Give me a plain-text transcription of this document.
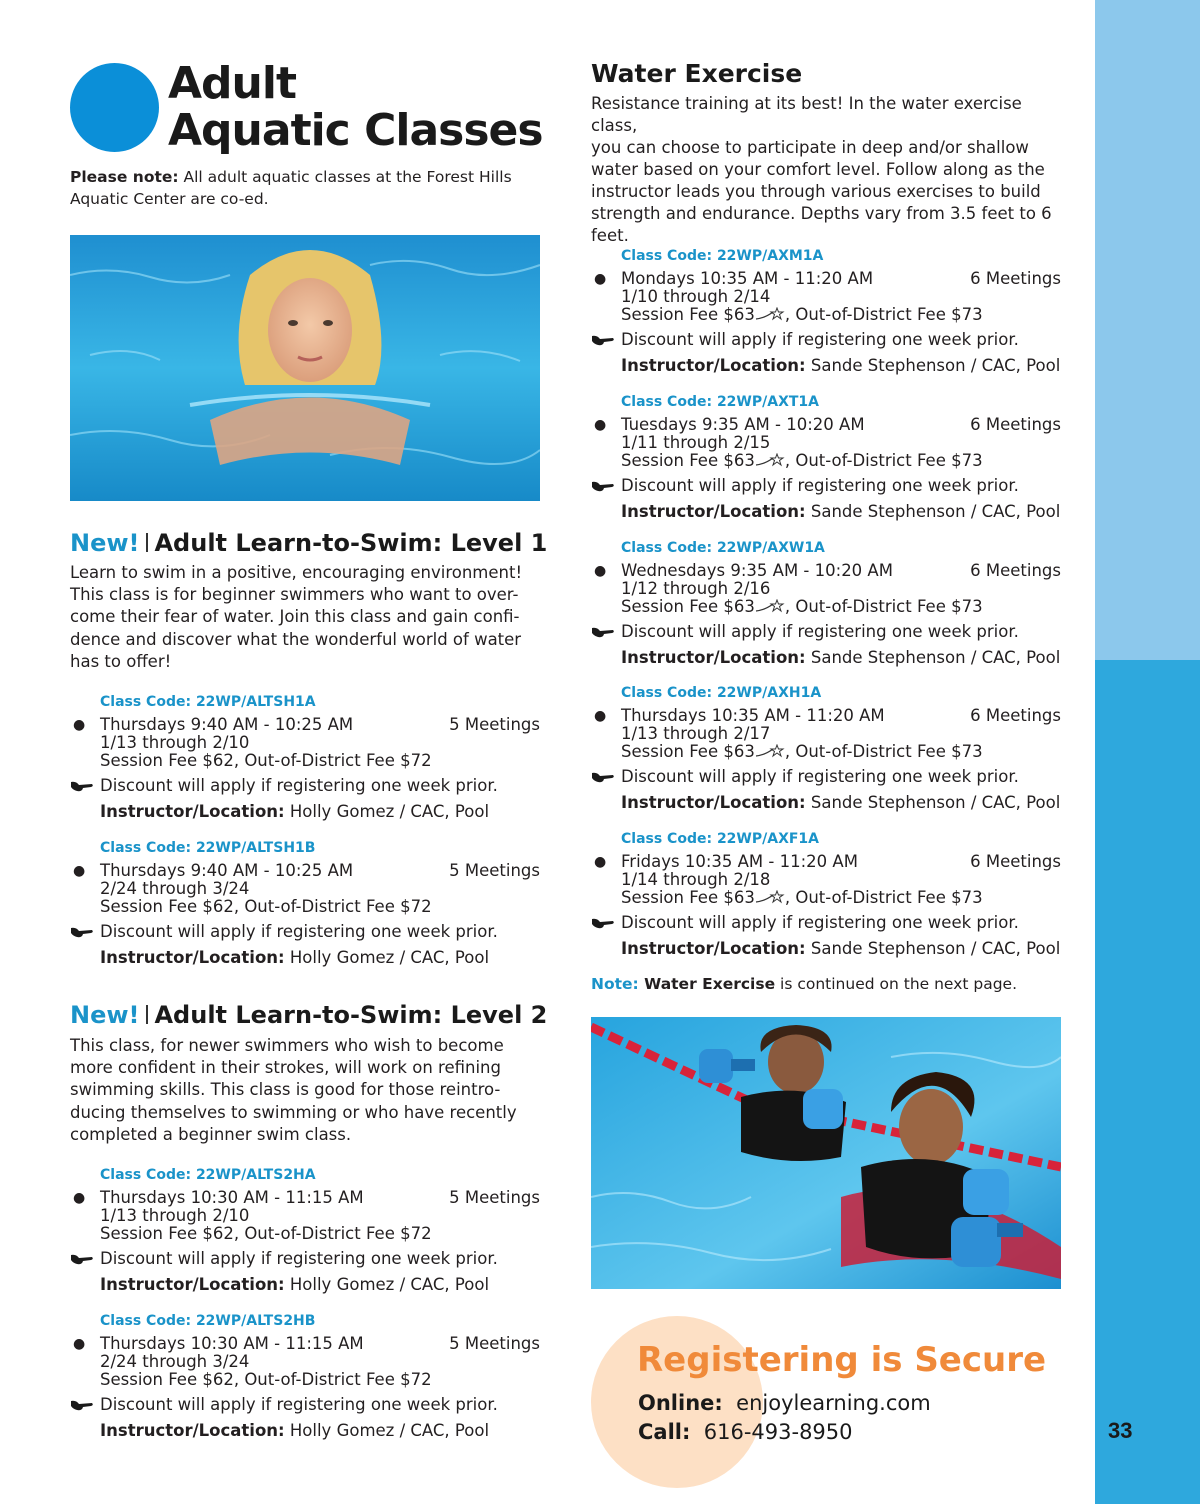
33
Adult
Aquatic Classes
Please note: All adult aquatic classes at the Forest Hills Aquatic Center are co-ed.
New! Adult Learn-to-Swim: Level 1
Learn to swim in a positive, encouraging environment!
This class is for beginner swimmers who want to over-
come their fear of water. Join this class and gain confi-
dence and discover what the wonderful world of water
has to offer!
Class Code: 22WP/ALTSH1A
● Thursdays 9:40 AM - 10:25 AM	5 Meetings
1/13 through 2/10
Session Fee $62, Out-of-District Fee $72
Discount will apply if registering one week prior.
Instructor/Location: Holly Gomez / CAC, Pool
Class Code: 22WP/ALTSH1B
● Thursdays 9:40 AM - 10:25 AM	5 Meetings
2/24 through 3/24
Session Fee $62, Out-of-District Fee $72
Discount will apply if registering one week prior.
Instructor/Location: Holly Gomez / CAC, Pool
New! Adult Learn-to-Swim: Level 2
This class, for newer swimmers who wish to become
more confident in their strokes, will work on refining
swimming skills. This class is good for those reintro-
ducing themselves to swimming or who have recently
completed a beginner swim class.
Class Code: 22WP/ALTS2HA
● Thursdays 10:30 AM - 11:15 AM	5 Meetings
1/13 through 2/10
Session Fee $62, Out-of-District Fee $72
Discount will apply if registering one week prior.
Instructor/Location: Holly Gomez / CAC, Pool
Class Code: 22WP/ALTS2HB
● Thursdays 10:30 AM - 11:15 AM	5 Meetings
2/24 through 3/24
Session Fee $62, Out-of-District Fee $72
Discount will apply if registering one week prior.
Instructor/Location: Holly Gomez / CAC, Pool
Water Exercise
Resistance training at its best! In the water exercise class,
you can choose to participate in deep and/or shallow
water based on your comfort level. Follow along as the
instructor leads you through various exercises to build
strength and endurance. Depths vary from 3.5 feet to 6
feet.
Class Code: 22WP/AXM1A
● Mondays 10:35 AM - 11:20 AM	6 Meetings
1/10 through 2/14
Session Fee $63 , Out-of-District Fee $73
Discount will apply if registering one week prior.
Instructor/Location: Sande Stephenson / CAC, Pool
Class Code: 22WP/AXT1A
● Tuesdays 9:35 AM - 10:20 AM	6 Meetings
1/11 through 2/15
Session Fee $63 , Out-of-District Fee $73
Discount will apply if registering one week prior.
Instructor/Location: Sande Stephenson / CAC, Pool
Class Code: 22WP/AXW1A
● Wednesdays 9:35 AM - 10:20 AM	6 Meetings
1/12 through 2/16
Session Fee $63 , Out-of-District Fee $73
Discount will apply if registering one week prior.
Instructor/Location: Sande Stephenson / CAC, Pool
Class Code: 22WP/AXH1A
● Thursdays 10:35 AM - 11:20 AM	6 Meetings
1/13 through 2/17
Session Fee $63 , Out-of-District Fee $73
Discount will apply if registering one week prior.
Instructor/Location: Sande Stephenson / CAC, Pool
Class Code: 22WP/AXF1A
● Fridays 10:35 AM - 11:20 AM	6 Meetings
1/14 through 2/18
Session Fee $63 , Out-of-District Fee $73
Discount will apply if registering one week prior.
Instructor/Location: Sande Stephenson / CAC, Pool
Note: Water Exercise is continued on the next page.
Registering is Secure
Online: enjoylearning.com
Call: 616-493-8950
